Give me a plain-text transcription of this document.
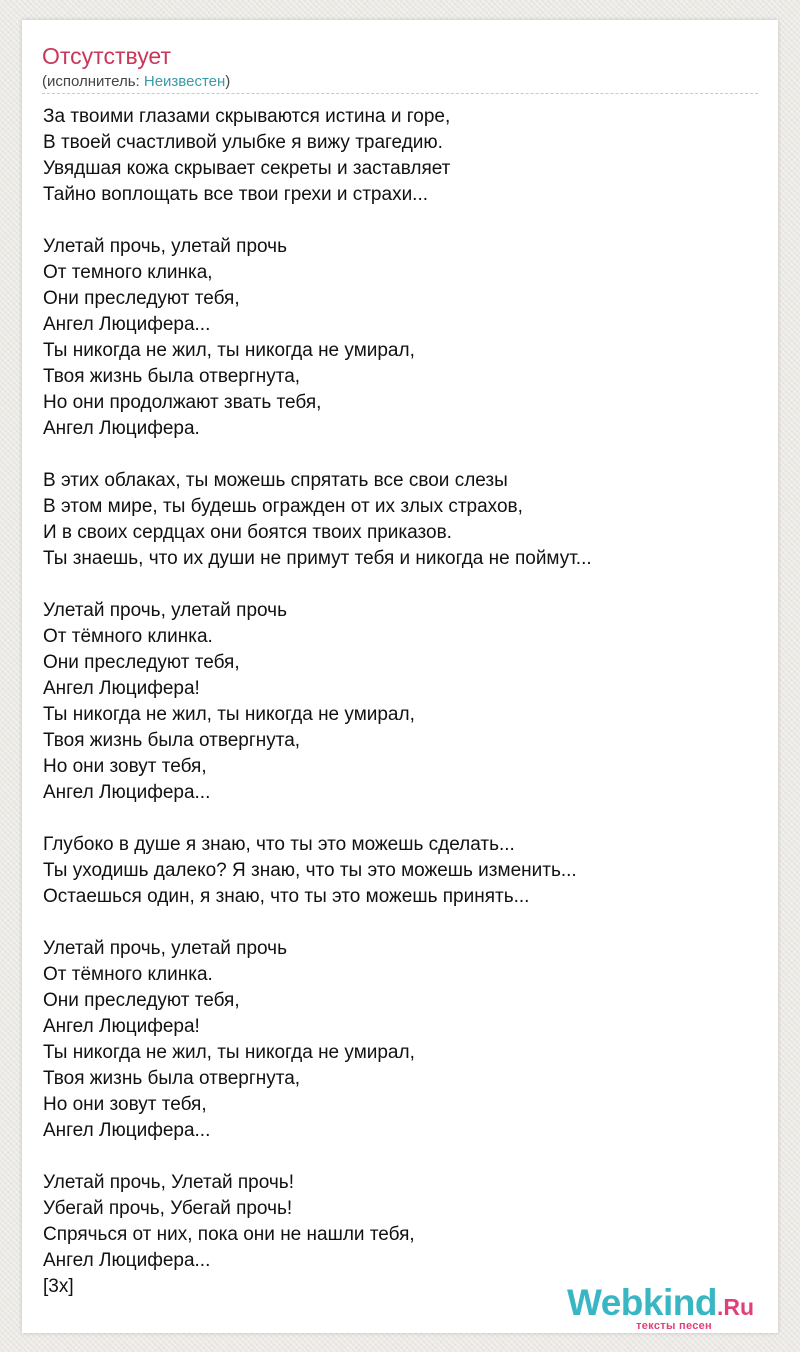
Отсутствует
(исполнитель: Неизвестен)
За твоими глазами скрываются истина и горе,
В твоей счастливой улыбке я вижу трагедию.
Увядшая кожа скрывает секреты и заставляет
Тайно воплощать все твои грехи и страхи...
Улетай прочь, улетай прочь
От темного клинка,
Они преследуют тебя,
Ангел Люцифера...
Ты никогда не жил, ты никогда не умирал,
Твоя жизнь была отвергнута,
Но они продолжают звать тебя,
Ангел Люцифера.
В этих облаках, ты можешь спрятать все свои слезы
В этом мире, ты будешь огражден от их злых страхов,
И в своих сердцах они боятся твоих приказов.
Ты знаешь, что их души не примут тебя и никогда не поймут...
Улетай прочь, улетай прочь
От тёмного клинка.
Они преследуют тебя,
Ангел Люцифера!
Ты никогда не жил, ты никогда не умирал,
Твоя жизнь была отвергнута,
Но они зовут тебя,
Ангел Люцифера...
Глубоко в душе я знаю, что ты это можешь сделать...
Ты уходишь далеко? Я знаю, что ты это можешь изменить...
Остаешься один, я знаю, что ты это можешь принять...
Улетай прочь, улетай прочь
От тёмного клинка.
Они преследуют тебя,
Ангел Люцифера!
Ты никогда не жил, ты никогда не умирал,
Твоя жизнь была отвергнута,
Но они зовут тебя,
Ангел Люцифера...
Улетай прочь, Улетай прочь!
Убегай прочь, Убегай прочь!
Спрячься от них, пока они не нашли тебя,
Ангел Люцифера...
[3x]	Webkind.Ru
тексты песен
